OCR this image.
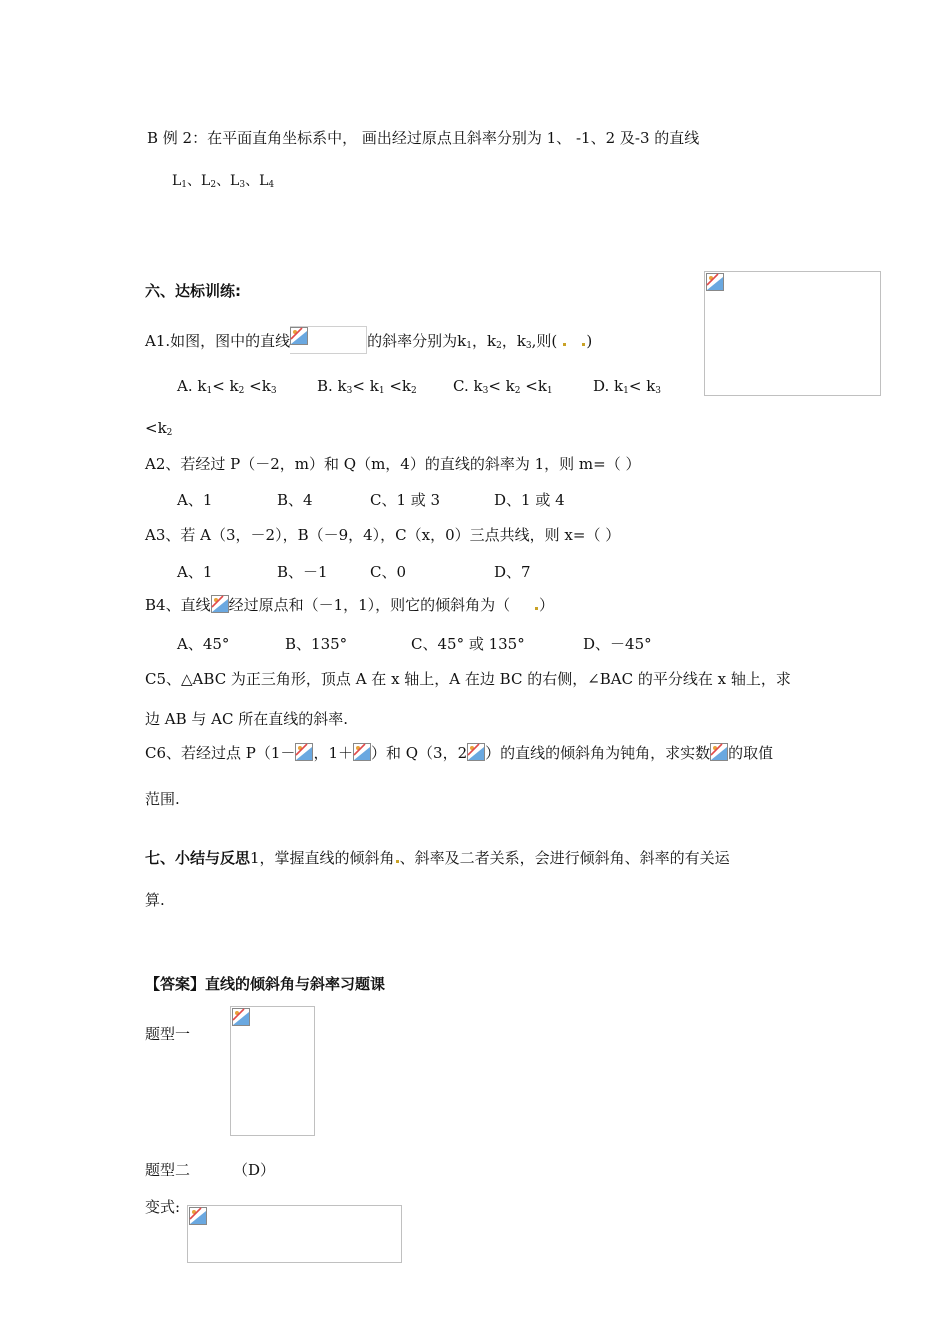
B 例 2：在平面直角坐标系中， 画出经过原点且斜率分别为 1、 -1、2 及-3 的直线
$L_1$、$L_2$、$L_3$、$L_4$
六、达标训练:
A1.如图，图中的直线	的斜率分别为$k_1$，$k_2$，$k_3$,则( )
A. $k_1< k_2 <k_3$	B. $k_3< k_1 <k_2$ C. $k_3< k_2 <k_1$	D. $k_1< k_3$
$<k_2$
A2、若经过 P（－2，m）和 Q（m，4）的直线的斜率为 1，则 m=（ ）
A、1	B、4	C、1 或 3	D、1 或 4
A3、若 A（3，－2），B（－9，4），C（x，0）三点共线，则 x=（ ）
A、1	B、－1	C、0	D、7
B4、直线 经过原点和（－1，1），则它的倾斜角为（ ）
A、45°	B、135°	C、45° 或 135°	D、－45°
C5、△ABC 为正三角形，顶点 A 在 x 轴上，A 在边 BC 的右侧，∠BAC 的平分线在 x 轴上，求
边 AB 与 AC 所在直线的斜率.
C6、若经过点 P（1－ ，1＋ ）和 Q（3，2 ）的直线的倾斜角为钝角，求实数 的取值
范围.
七、小结与反思1，掌握直线的倾斜角 、斜率及二者关系，会进行倾斜角、斜率的有关运
算.
【答案】直线的倾斜角与斜率习题课
题型一
题型二	（D）
变式:
